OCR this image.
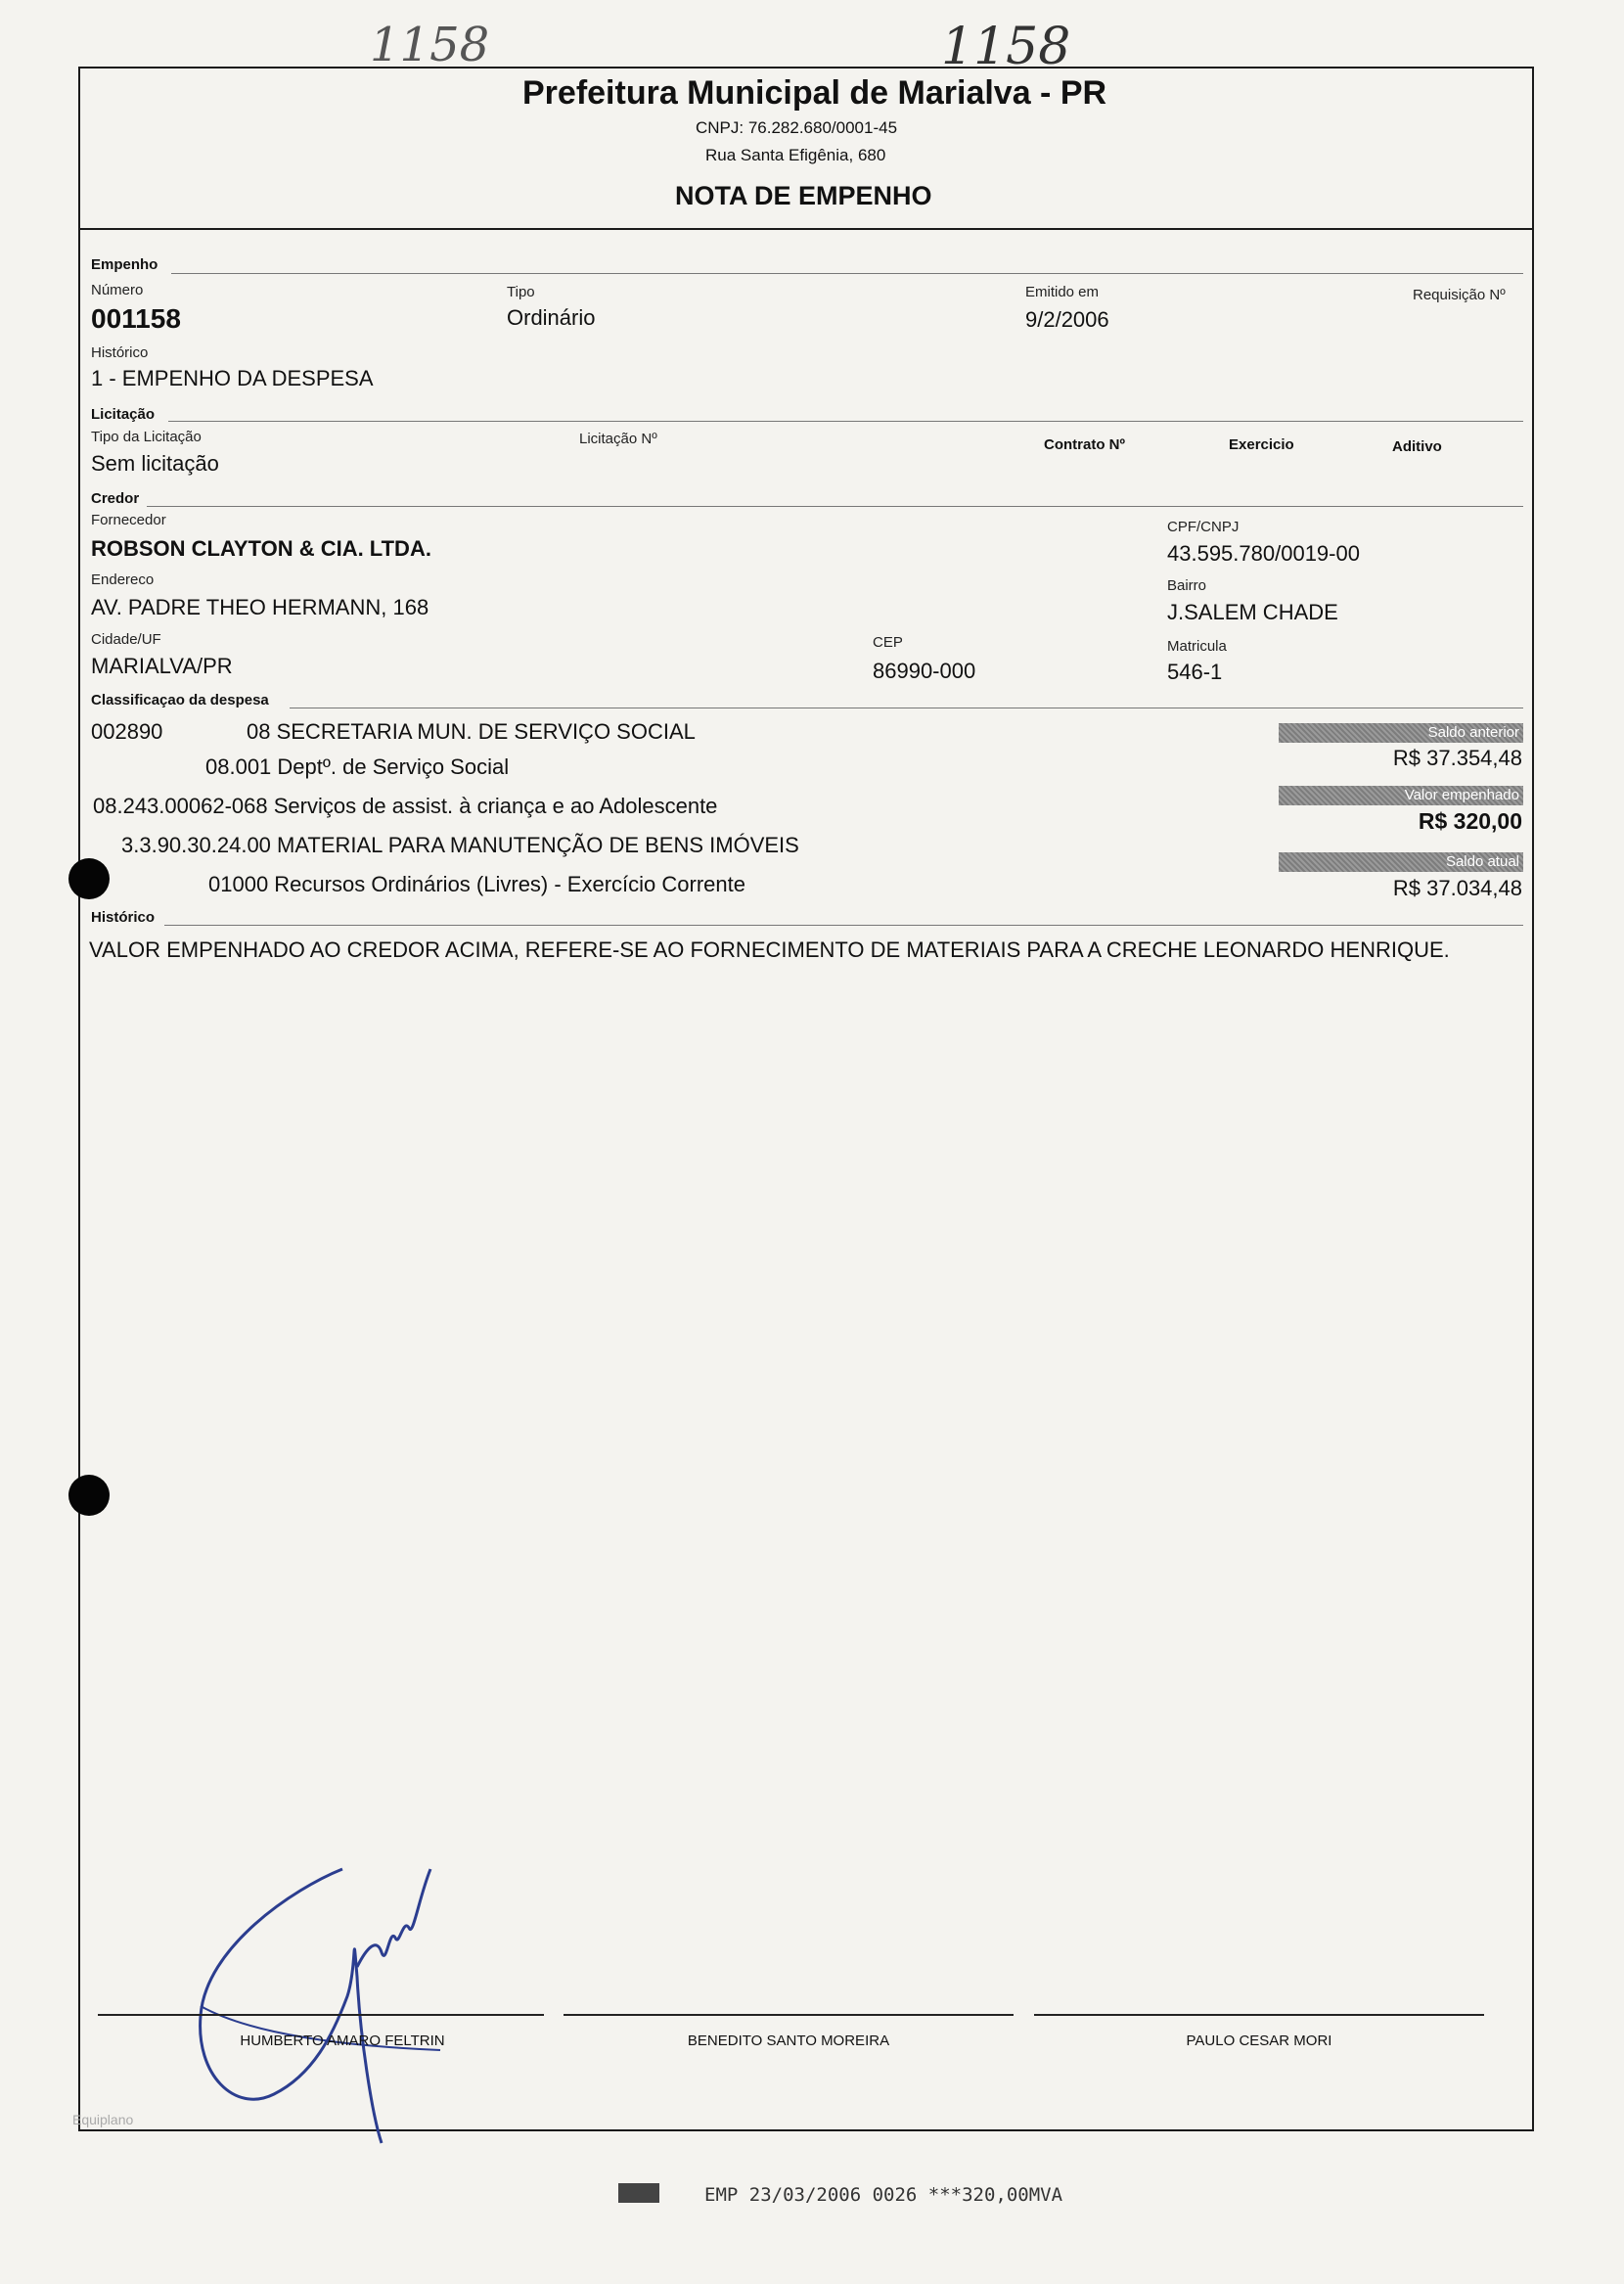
1158	1158
Prefeitura Municipal de Marialva - PR
CNPJ: 76.282.680/0001-45
Rua Santa Efigênia, 680
NOTA DE EMPENHO
Empenho
Número
001158
Tipo
Ordinário
Emitido em
9/2/2006
Requisição Nº
Histórico
1 - EMPENHO DA DESPESA
Licitação
Tipo da Licitação
Sem licitação
Licitação Nº	Contrato Nº	Exercicio	Aditivo
Credor
Fornecedor
ROBSON CLAYTON & CIA. LTDA.
CPF/CNPJ
43.595.780/0019-00
Endereco
AV. PADRE THEO HERMANN, 168
Bairro
J.SALEM CHADE
Cidade/UF
MARIALVA/PR
CEP
86990-000
Matricula
546-1
Classificaçao da despesa
002890	08 SECRETARIA MUN. DE SERVIÇO SOCIAL
08.001 Deptº. de Serviço Social
08.243.00062-068 Serviços de assist. à criança e ao Adolescente
3.3.90.30.24.00 MATERIAL PARA MANUTENÇÃO DE BENS IMÓVEIS
01000 Recursos Ordinários (Livres) - Exercício Corrente
Saldo anterior
R$ 37.354,48
Valor empenhado
R$ 320,00
Saldo atual
R$ 37.034,48
Histórico
VALOR EMPENHADO AO CREDOR ACIMA, REFERE-SE AO FORNECIMENTO DE MATERIAIS PARA A CRECHE LEONARDO HENRIQUE.
HUMBERTO AMARO FELTRIN	BENEDITO SANTO MOREIRA	PAULO CESAR MORI
Equiplano
EMP 23/03/2006 0026 ***320,00MVA
